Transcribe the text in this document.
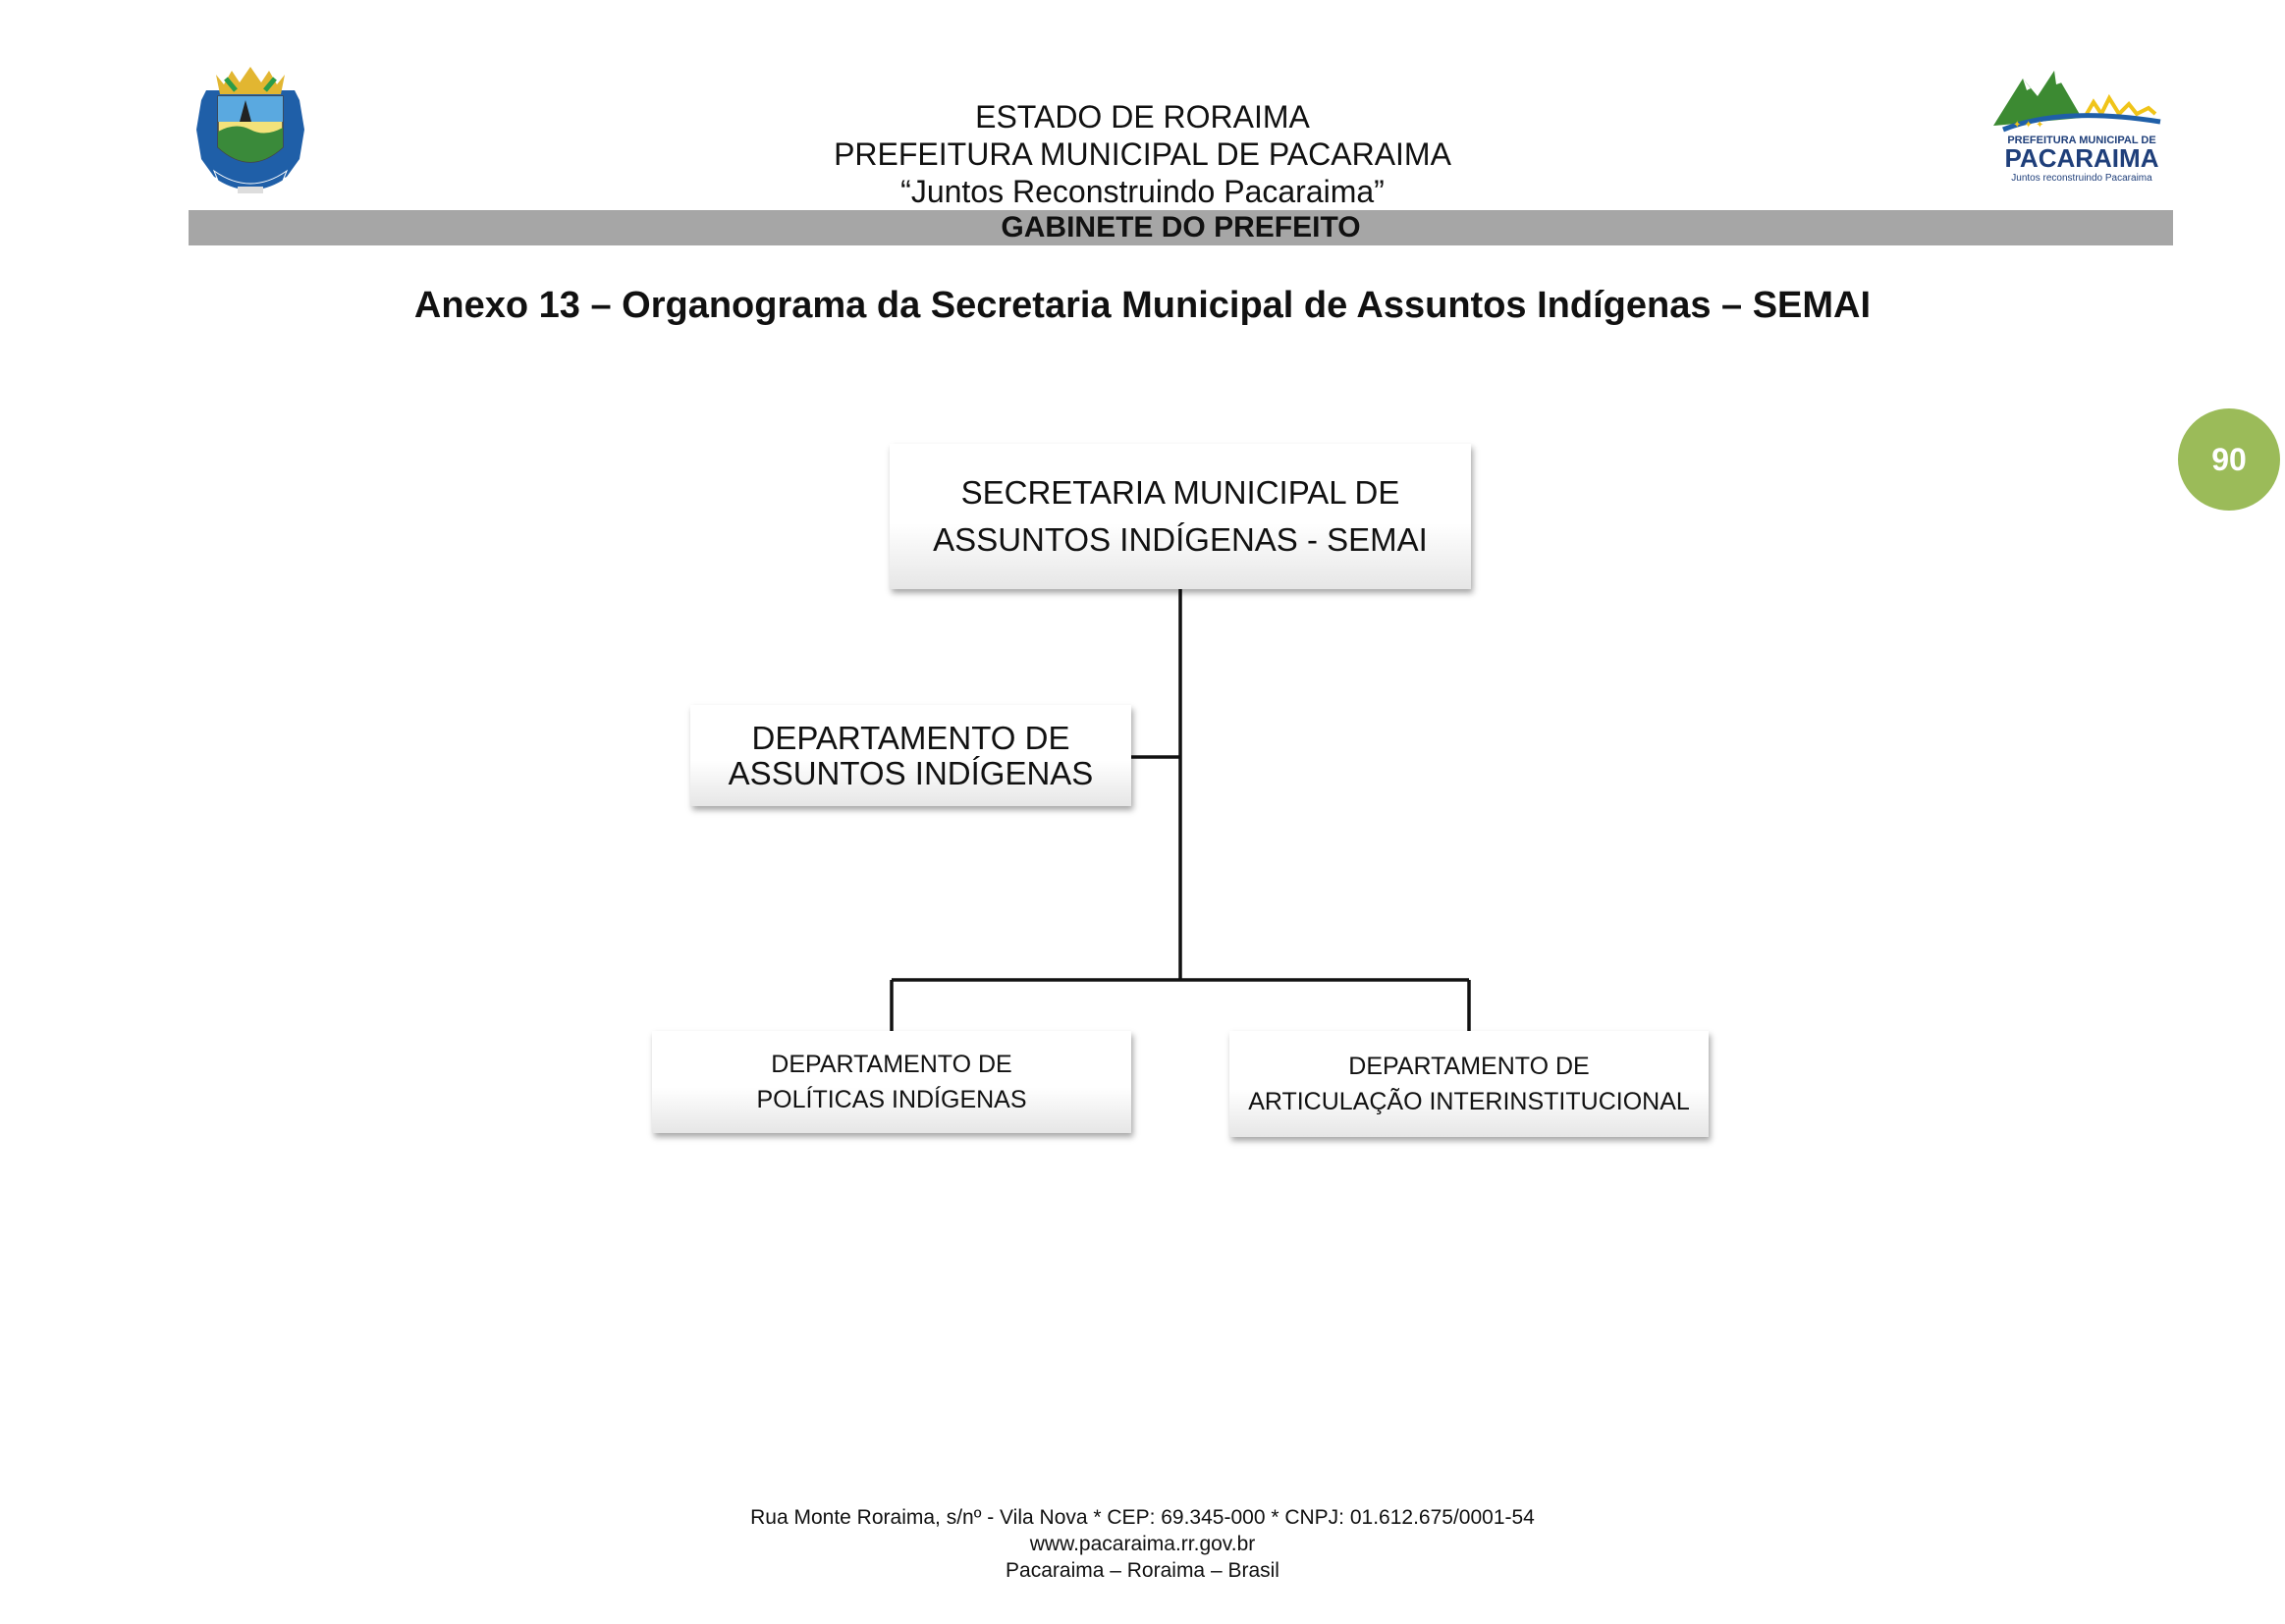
✦ ✦ ✦
PREFEITURA MUNICIPAL DE
PACARAIMA
Juntos reconstruindo Pacaraima
ESTADO DE RORAIMA
PREFEITURA MUNICIPAL DE PACARAIMA
“Juntos Reconstruindo Pacaraima”
GABINETE DO PREFEITO
Anexo 13 – Organograma da Secretaria Municipal de Assuntos Indígenas – SEMAI
90
SECRETARIA MUNICIPAL DE
ASSUNTOS INDÍGENAS - SEMAI
DEPARTAMENTO DE
ASSUNTOS INDÍGENAS
DEPARTAMENTO DE
POLÍTICAS INDÍGENAS
DEPARTAMENTO DE
ARTICULAÇÃO INTERINSTITUCIONAL
Rua Monte Roraima, s/nº - Vila Nova * CEP: 69.345-000 * CNPJ: 01.612.675/0001-54
www.pacaraima.rr.gov.br
Pacaraima – Roraima – Brasil
